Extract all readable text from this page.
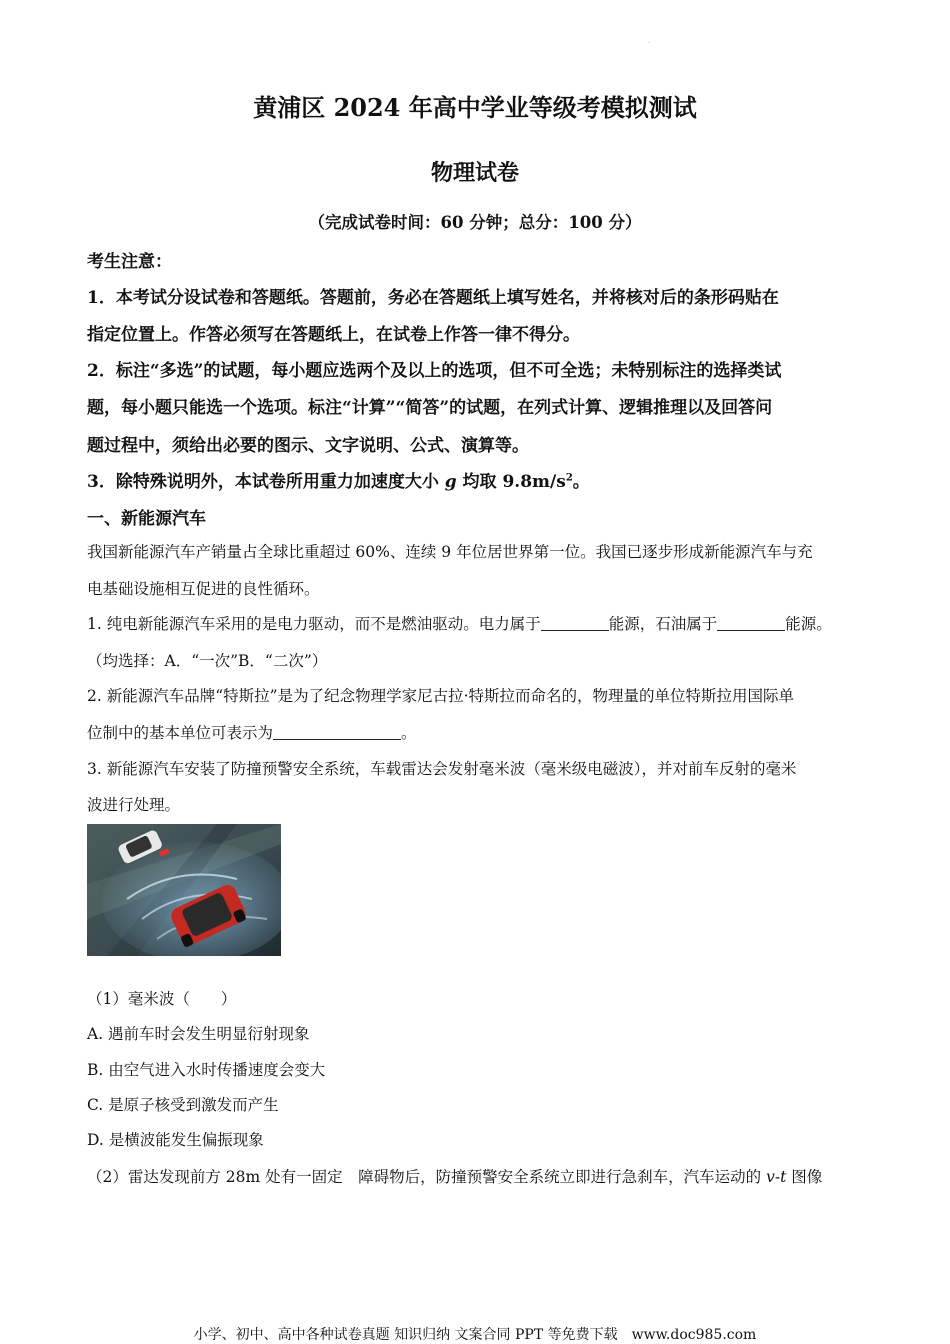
·
黄浦区 2024 年高中学业等级考模拟测试
物理试卷
（完成试卷时间：60 分钟；总分：100 分）
考生注意：
1．本考试分设试卷和答题纸。答题前，务必在答题纸上填写姓名，并将核对后的条形码贴在
指定位置上。作答必须写在答题纸上，在试卷上作答一律不得分。
2．标注“多选”的试题，每小题应选两个及以上的选项，但不可全选；未特别标注的选择类试
题，每小题只能选一个选项。标注“计算”“简答”的试题，在列式计算、逻辑推理以及回答问
题过程中，须给出必要的图示、文字说明、公式、演算等。
3．除特殊说明外，本试卷所用重力加速度大小 g 均取 $9.8m/s^2$。
一、新能源汽车
我国新能源汽车产销量占全球比重超过 60%、连续 9 年位居世界第一位。我国已逐步形成新能源汽车与充
电基础设施相互促进的良性循环。
1. 纯电新能源汽车采用的是电力驱动，而不是燃油驱动。电力属于	能源，石油属于	能源。
（均选择：A．“一次”B．“二次”）
2. 新能源汽车品牌“特斯拉”是为了纪念物理学家尼古拉·特斯拉而命名的，物理量的单位特斯拉用国际单
位制中的基本单位可表示为	。
3. 新能源汽车安装了防撞预警安全系统，车载雷达会发射毫米波（毫米级电磁波），并对前车反射的毫米
波进行处理。
（1）毫米波（　　）
A. 遇前车时会发生明显衍射现象
B. 由空气进入水时传播速度会变大
C. 是原子核受到激发而产生
D. 是横波能发生偏振现象
（2）雷达发现前方 28m 处有一固定　障碍物后，防撞预警安全系统立即进行急刹车，汽车运动的 v-t 图像
小学、初中、高中各种试卷真题 知识归纳 文案合同 PPT 等免费下载　www.doc985.com
